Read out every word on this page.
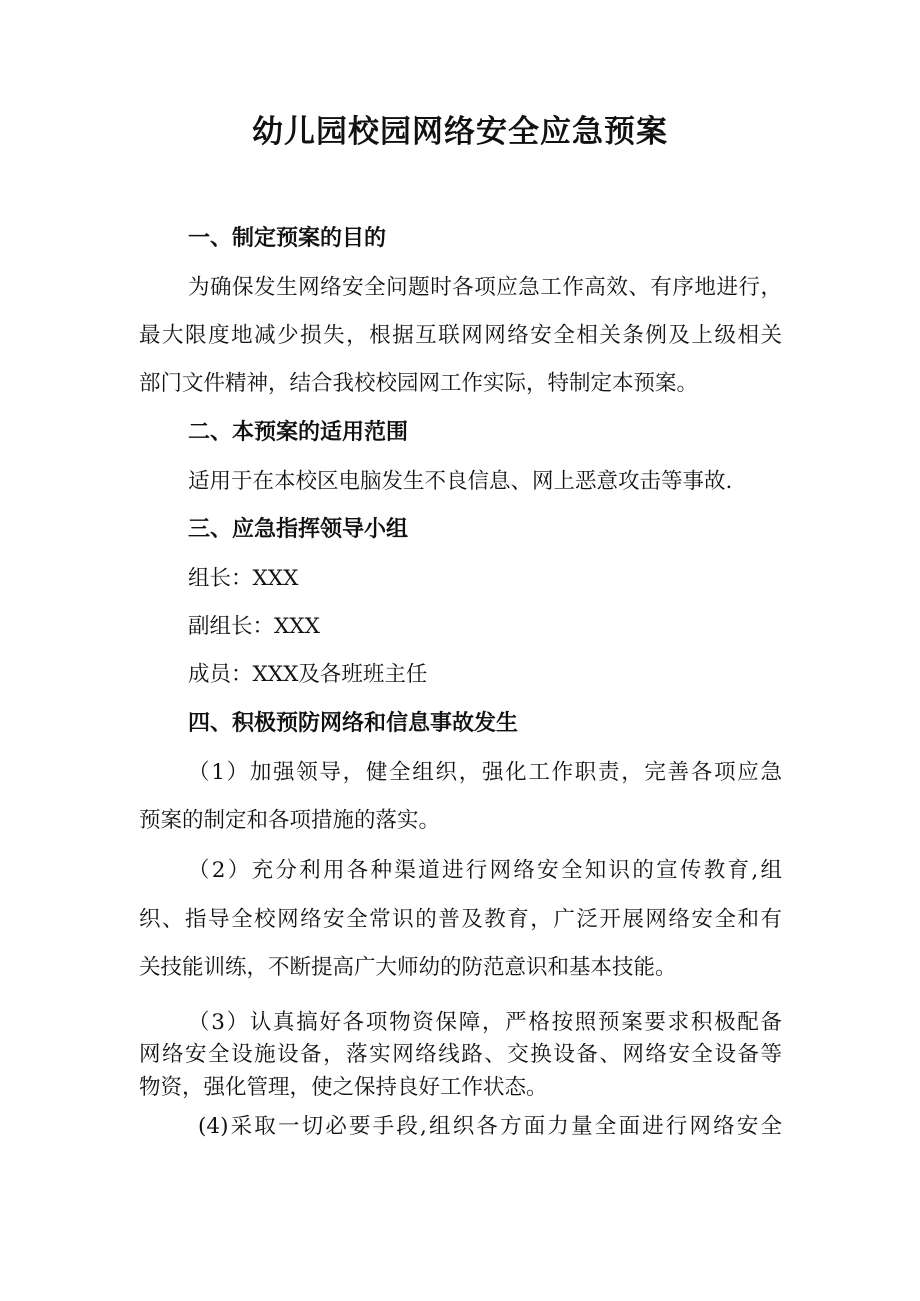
幼儿园校园网络安全应急预案
一、制定预案的目的
为确保发生网络安全问题时各项应急工作高效、有序地进行，
最大限度地减少损失，根据互联网网络安全相关条例及上级相关
部门文件精神，结合我校校园网工作实际，特制定本预案。
二、本预案的适用范围
适用于在本校区电脑发生不良信息、网上恶意攻击等事故.
三、应急指挥领导小组
组长：XXX
副组长：XXX
成员：XXX及各班班主任
四、积极预防网络和信息事故发生
（1）加强领导，健全组织，强化工作职责，完善各项应急
预案的制定和各项措施的落实。
（2）充分利用各种渠道进行网络安全知识的宣传教育,组
织、指导全校网络安全常识的普及教育，广泛开展网络安全和有
关技能训练，不断提高广大师幼的防范意识和基本技能。
（3）认真搞好各项物资保障，严格按照预案要求积极配备
网络安全设施设备，落实网络线路、交换设备、网络安全设备等
物资，强化管理，使之保持良好工作状态。
(4)采取一切必要手段,组织各方面力量全面进行网络安全
